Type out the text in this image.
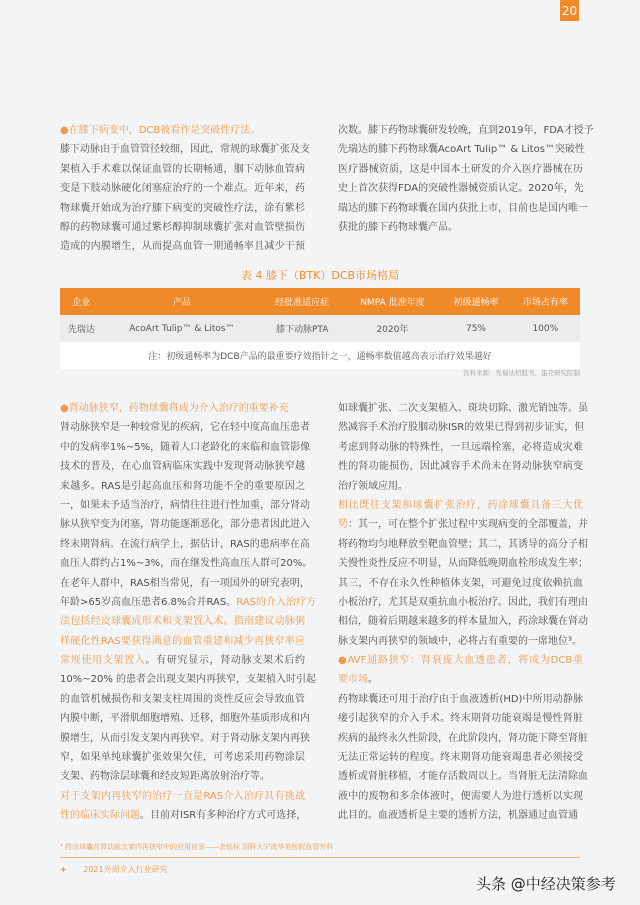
20
●在膝下病变中，DCB被看作是突破性疗法。
膝下动脉由于血管管径较细，因此，常规的球囊扩张及支
架植入手术难以保证血管的长期畅通，腘下动脉血管病
变是下肢动脉硬化闭塞症治疗的一个难点。近年来，药
物球囊开始成为治疗膝下病变的突破性疗法，涂有紫杉
醇的药物球囊可通过紫杉醇抑制球囊扩张对血管壁损伤
造成的内膜增生，从而提高血管一期通畅率且减少干预
次数。膝下药物球囊研发较晚，直到2019年，FDA才授予
先瑞达的膝下药物球囊AcoArt Tulip™ & Litos™突破性
医疗器械资质，这是中国本土研发的介入医疗器械在历
史上首次获得FDA的突破性器械资质认定。2020年，先
瑞达的膝下药物球囊在国内获批上市，目前也是国内唯一
获批的膝下药物球囊产品。
表 4 膝下（BTK）DCB市场格局
企业	产品	经批准适应症	NMPA 批准年度	初级通畅率	市场占有率
先瑞达	AcoArt Tulip™ & Litos™	膝下动脉PTA	2020年	75%	100%
注：初级通畅率为DCB产品的最重要疗效指针之一，通畅率数值越高表示治疗效果越好					
资料来源：先瑞达招股书，蛋壳研究院制
●肾动脉狭窄，药物球囊将成为介入治疗的重要补充
肾动脉狭窄是一种较常见的疾病，它在轻中度高血压患者
中的发病率1%~5%，随着人口老龄化的来临和血管影像
技术的普及，在心血管病临床实践中发现肾动脉狭窄越
来越多。RAS是引起高血压和肾功能不全的重要原因之
一，如果未予适当治疗，病情往往进行性加重，部分肾动
脉从狭窄变为闭塞，肾功能逐渐恶化，部分患者因此进入
终末期肾病。在流行病学上，据估计，RAS的患病率在高
血压人群约占1%~3%，而在继发性高血压人群可20%。
在老年人群中，RAS相当常见，有一项国外的研究表明，
年龄>65岁高血压患者6.8%合并RAS。RAS的介入治疗方
法包括经皮球囊成形术和支架置入术。指南建议动脉粥
样硬化性RAS要获得满意的血管重建和减少再狭窄率应
常规使用支架置入。有研究显示，肾动脉支架术后约
10%~20% 的患者会出现支架内再狭窄，支架植入时引起
的血管机械损伤和支架支柱周围的炎性反应会导致血管
内膜中断，平滑肌细胞增殖、迁移，细胞外基质形成和内
膜增生，从而引发支架内再狭窄。对于肾动脉支架内再狭
窄，如果单纯球囊扩张效果欠佳，可考虑采用药物涂层
支架、药物涂层球囊和经皮短距离放射治疗等。
对于支架内再狭窄的治疗一直是RAS介入治疗具有挑战
性的临床实际问题。目前对ISR有多种治疗方式可选择，
如球囊扩张、二次支架植入、斑块切除、激光销蚀等。虽
然减容手术治疗股腘动脉ISR的效果已得到初步证实，但
考虑到肾动脉的特殊性，一旦远端栓塞，必将造成灾难
性的肾功能损伤，因此减容手术尚未在肾动脉狭窄病变
治疗领域应用。
相比既往支架和球囊扩张治疗，药涂球囊具备三大优
势：其一，可在整个扩张过程中实现病变的全部覆盖，并
将药物均匀地释放至靶血管壁；其二，其诱导的高分子相
关慢性炎性反应不明显，从而降低晚期血栓形成发生率；
其三，不存在永久性种植体支架，可避免过度依赖抗血
小板治疗，尤其是双重抗血小板治疗。因此，我们有理由
相信，随着后期越来越多的样本量加入，药涂球囊在肾动
脉支架内再狭窄的领域中，必将占有重要的一席地位³。
●AVF通路狭窄：肾衰庞大血透患者，将成为DCB重
要市场。
药物球囊还可用于治疗由于血液透析(HD)中所用动静脉
瘘引起狭窄的介入手术。终末期肾功能衰竭是慢性肾脏
疾病的最终永久性阶段，在此阶段内，肾功能下降至肾脏
无法正常运转的程度。终末期肾功能衰竭患者必须接受
透析或肾脏移植，才能存活数周以上。当肾脏无法清除血
液中的废物和多余体液时，便需要人为进行透析以实现
此目的。血液透析是主要的透析方法，机器通过血管通
³ 药涂球囊在肾动脉支架内再狭窄中的应用前景——余钻标 国科大宁波华美医院血管外科
+ 2021外周介入行业研究
头条 @中经决策参考
